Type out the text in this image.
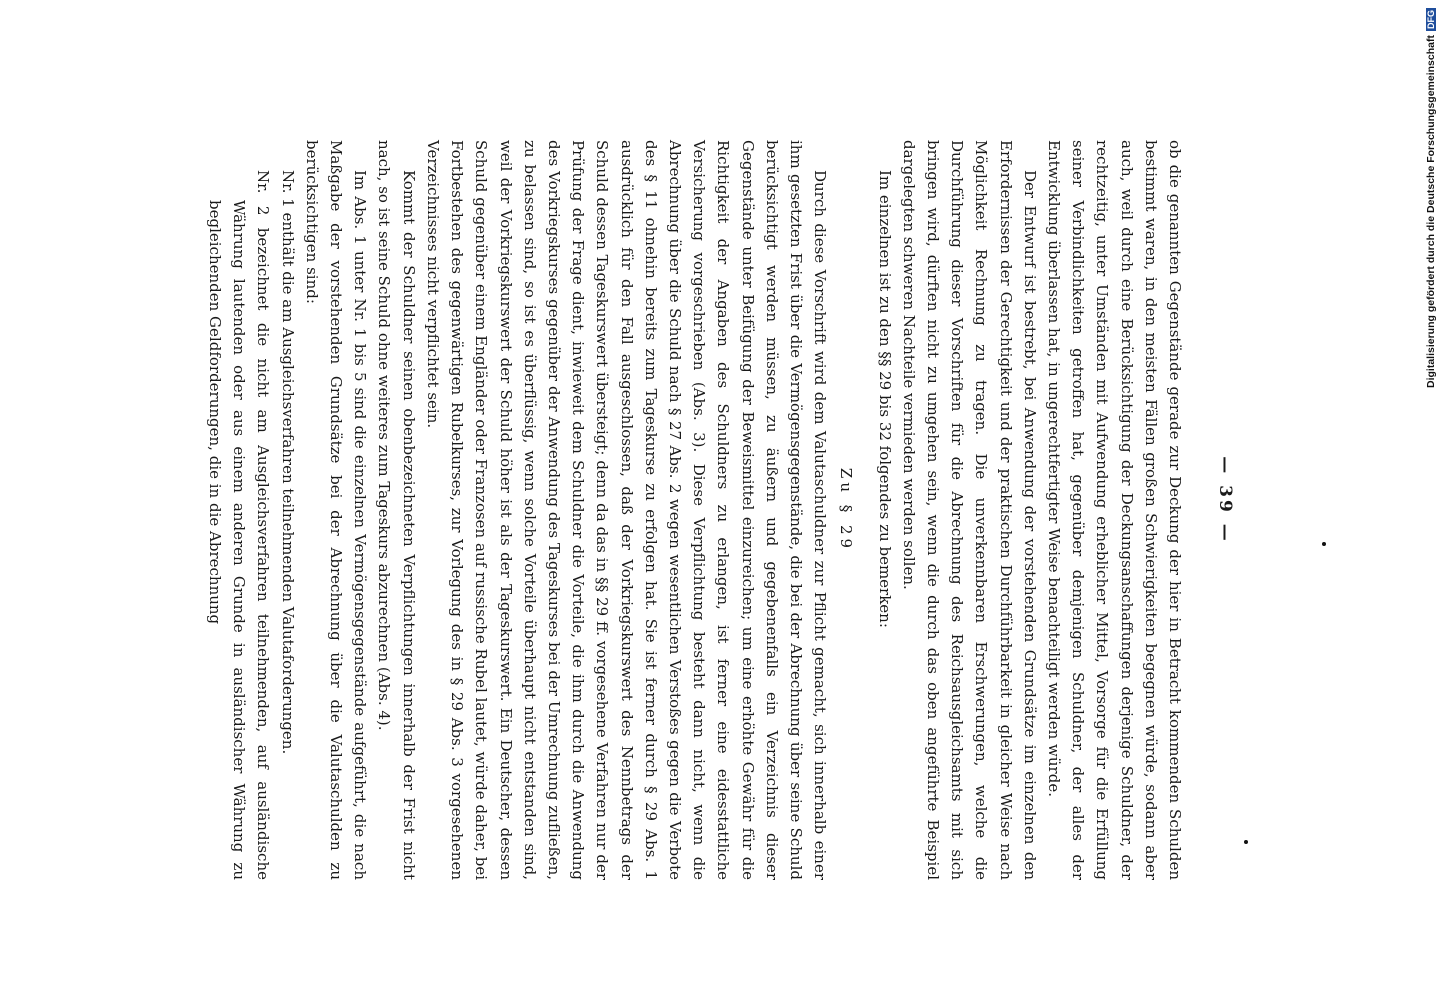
— 39 —

ob die genannten Gegenstände gerade zur Deckung der hier in Betracht kommenden Schulden bestimmt waren, in den meisten Fällen großen Schwierigkeiten begegnen würde, sodann aber auch, weil durch eine Berücksichtigung der Deckungsanschaffungen derjenige Schuldner, der rechtzeitig, unter Umständen mit Aufwendung erheblicher Mittel, Vorsorge für die Erfüllung seiner Verbindlichkeiten getroffen hat, gegenüber demjenigen Schuldner, der alles der Entwicklung überlassen hat, in ungerechtfertigter Weise benachteiligt werden würde.

Der Entwurf ist bestrebt, bei Anwendung der vorstehenden Grundsätze im einzelnen den Erfordernissen der Gerechtigkeit und der praktischen Durchführbarkeit in gleicher Weise nach Möglichkeit Rechnung zu tragen. Die unverkennbaren Erschwerungen, welche die Durchführung dieser Vorschriften für die Abrechnung des Reichsausgleichsamts mit sich bringen wird, dürften nicht zu umgehen sein, wenn die durch das oben angeführte Beispiel dargelegten schweren Nachteile vermieden werden sollen.

Im einzelnen ist zu den §§ 29 bis 32 folgendes zu bemerken:

Zu § 29

Durch diese Vorschrift wird dem Valutaschuldner zur Pflicht gemacht, sich innerhalb einer ihm gesetzten Frist über die Vermögensgegenstände, die bei der Abrechnung über seine Schuld berücksichtigt werden müssen, zu äußern und gegebenenfalls ein Verzeichnis dieser Gegenstände unter Beifügung der Beweismittel einzureichen; um eine erhöhte Gewähr für die Richtigkeit der Angaben des Schuldners zu erlangen, ist ferner eine eidesstattliche Versicherung vorgeschrieben (Abs. 3). Diese Verpflichtung besteht dann nicht, wenn die Abrechnung über die Schuld nach § 27 Abs. 2 wegen wesentlichen Verstoßes gegen die Verbote des § 11 ohnehin bereits zum Tageskurse zu erfolgen hat. Sie ist ferner durch § 29 Abs. 1 ausdrücklich für den Fall ausgeschlossen, daß der Vorkriegskurswert des Nennbetrags der Schuld dessen Tageskurswert übersteigt; denn da das in §§ 29 ff. vorgesehene Verfahren nur der Prüfung der Frage dient, inwieweit dem Schuldner die Vorteile, die ihm durch die Anwendung des Vorkriegskurses gegenüber der Anwendung des Tageskurses bei der Umrechnung zufließen, zu belassen sind, so ist es überflüssig, wenn solche Vorteile überhaupt nicht entstanden sind, weil der Vorkriegskurswert der Schuld höher ist als der Tageskurswert. Ein Deutscher, dessen Schuld gegenüber einem Engländer oder Franzosen auf russische Rubel lautet, würde daher, bei Fortbestehen des gegenwärtigen Rubelkurses, zur Vorlegung des in § 29 Abs. 3 vorgesehenen Verzeichnisses nicht verpflichtet sein.

Kommt der Schuldner seinen obenbezeichneten Verpflichtungen innerhalb der Frist nicht nach, so ist seine Schuld ohne weiteres zum Tageskurs abzurechnen (Abs. 4).

Im Abs. 1 unter Nr. 1 bis 5 sind die einzelnen Vermögensgegenstände aufgeführt, die nach Maßgabe der vorstehenden Grundsätze bei der Abrechnung über die Valutaschulden zu berücksichtigen sind:

Nr. 1 enthält die am Ausgleichsverfahren teilnehmenden Valutaforderungen.

Nr. 2 bezeichnet die nicht am Ausgleichsverfahren teilnehmenden, auf ausländische Währung lautenden oder aus einem anderen Grunde in ausländischer Währung zu begleichenden Geldforderungen, die in die Abrechnung	Digitalisierung gefördert durch die Deutsche ForschungsgemeinschaftDFG
